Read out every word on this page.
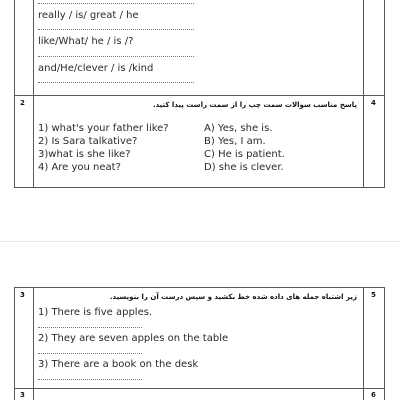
really / is/ great / he
like/What/ he / is /?
and/He/clever / is /kind
2	4
پاسخ مناسب سوالات سمت چپ را از سمت راست پیدا کنید.
1) what's your father like?
2) Is Sara talkative?
3)what is she like?
4) Are you neat?
A) Yes, she is.
B) Yes, I am.
C) He is patient.
D) she is clever.
3	5
زیر اشتباه جمله های داده شده خط بکشید و سپس درست آن را بنویسید.
1) There is five apples.
2) They are seven apples on the table
3) There are a book on the desk
3	6
